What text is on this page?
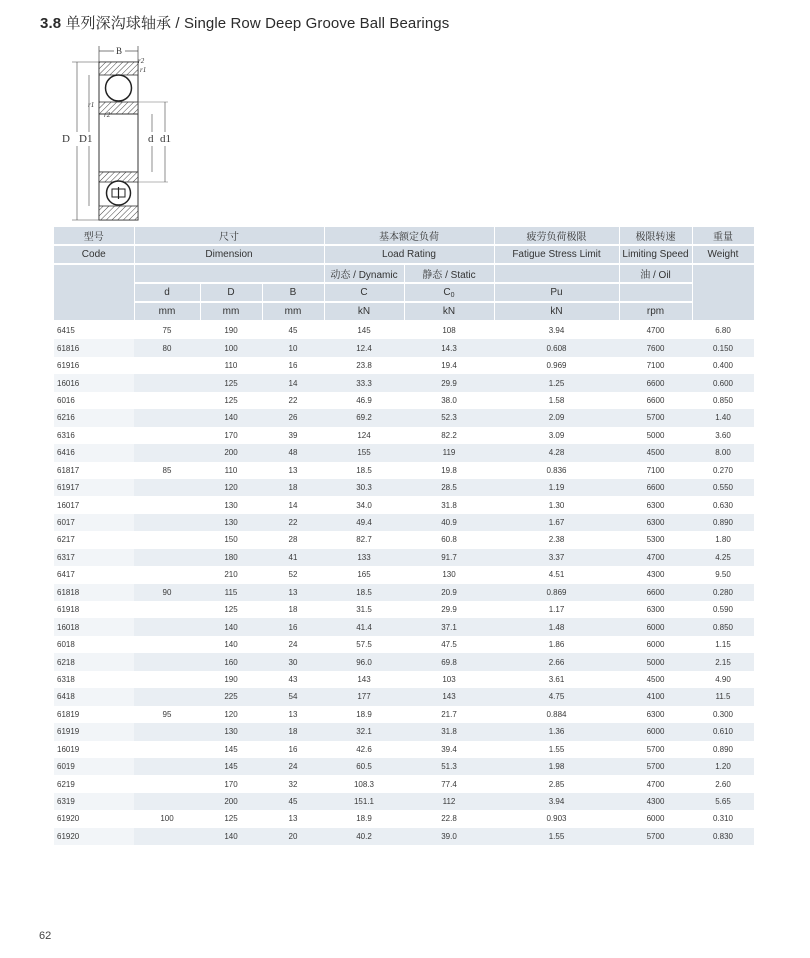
3.8 单列深沟球轴承 / Single Row Deep Groove Ball Bearings
B
r2
r1
r1
r2
D D1	d d1
型号	尺寸			基本额定负荷		疲劳负荷极限	极限转速	重量
Code	Dimension			Load Rating		Fatigue Stress Limit	Limiting Speed	Weight
				动态 / Dynamic	静态 / Static		油 / Oil	
	d	D	B	C	$C_0$	Pu		
	mm	mm	mm	kN	kN	kN	rpm	
6415	75	190	45	145	108	3.94	4700	6.80
61816	80	100	10	12.4	14.3	0.608	7600	0.150
61916		110	16	23.8	19.4	0.969	7100	0.400
16016		125	14	33.3	29.9	1.25	6600	0.600
6016		125	22	46.9	38.0	1.58	6600	0.850
6216		140	26	69.2	52.3	2.09	5700	1.40
6316		170	39	124	82.2	3.09	5000	3.60
6416		200	48	155	119	4.28	4500	8.00
61817	85	110	13	18.5	19.8	0.836	7100	0.270
61917		120	18	30.3	28.5	1.19	6600	0.550
16017		130	14	34.0	31.8	1.30	6300	0.630
6017		130	22	49.4	40.9	1.67	6300	0.890
6217		150	28	82.7	60.8	2.38	5300	1.80
6317		180	41	133	91.7	3.37	4700	4.25
6417		210	52	165	130	4.51	4300	9.50
61818	90	115	13	18.5	20.9	0.869	6600	0.280
61918		125	18	31.5	29.9	1.17	6300	0.590
16018		140	16	41.4	37.1	1.48	6000	0.850
6018		140	24	57.5	47.5	1.86	6000	1.15
6218		160	30	96.0	69.8	2.66	5000	2.15
6318		190	43	143	103	3.61	4500	4.90
6418		225	54	177	143	4.75	4100	11.5
61819	95	120	13	18.9	21.7	0.884	6300	0.300
61919		130	18	32.1	31.8	1.36	6000	0.610
16019		145	16	42.6	39.4	1.55	5700	0.890
6019		145	24	60.5	51.3	1.98	5700	1.20
6219		170	32	108.3	77.4	2.85	4700	2.60
6319		200	45	151.1	112	3.94	4300	5.65
61920	100	125	13	18.9	22.8	0.903	6000	0.310
61920		140	20	40.2	39.0	1.55	5700	0.830
62
